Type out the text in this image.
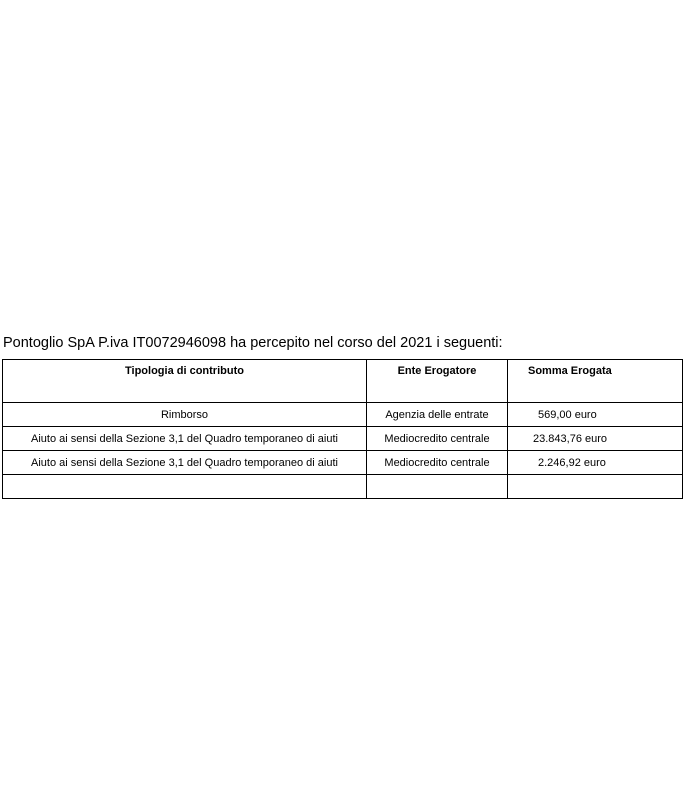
Pontoglio SpA P.iva IT0072946098 ha percepito nel corso del 2021 i seguenti:

Tipologia di contributo	Ente Erogatore	Somma Erogata
Rimborso	Agenzia delle entrate	569,00 euro
Aiuto ai sensi della Sezione 3,1 del Quadro temporaneo di aiuti	Mediocredito centrale	23.843,76 euro
Aiuto ai sensi della Sezione 3,1 del Quadro temporaneo di aiuti	Mediocredito centrale	2.246,92 euro
